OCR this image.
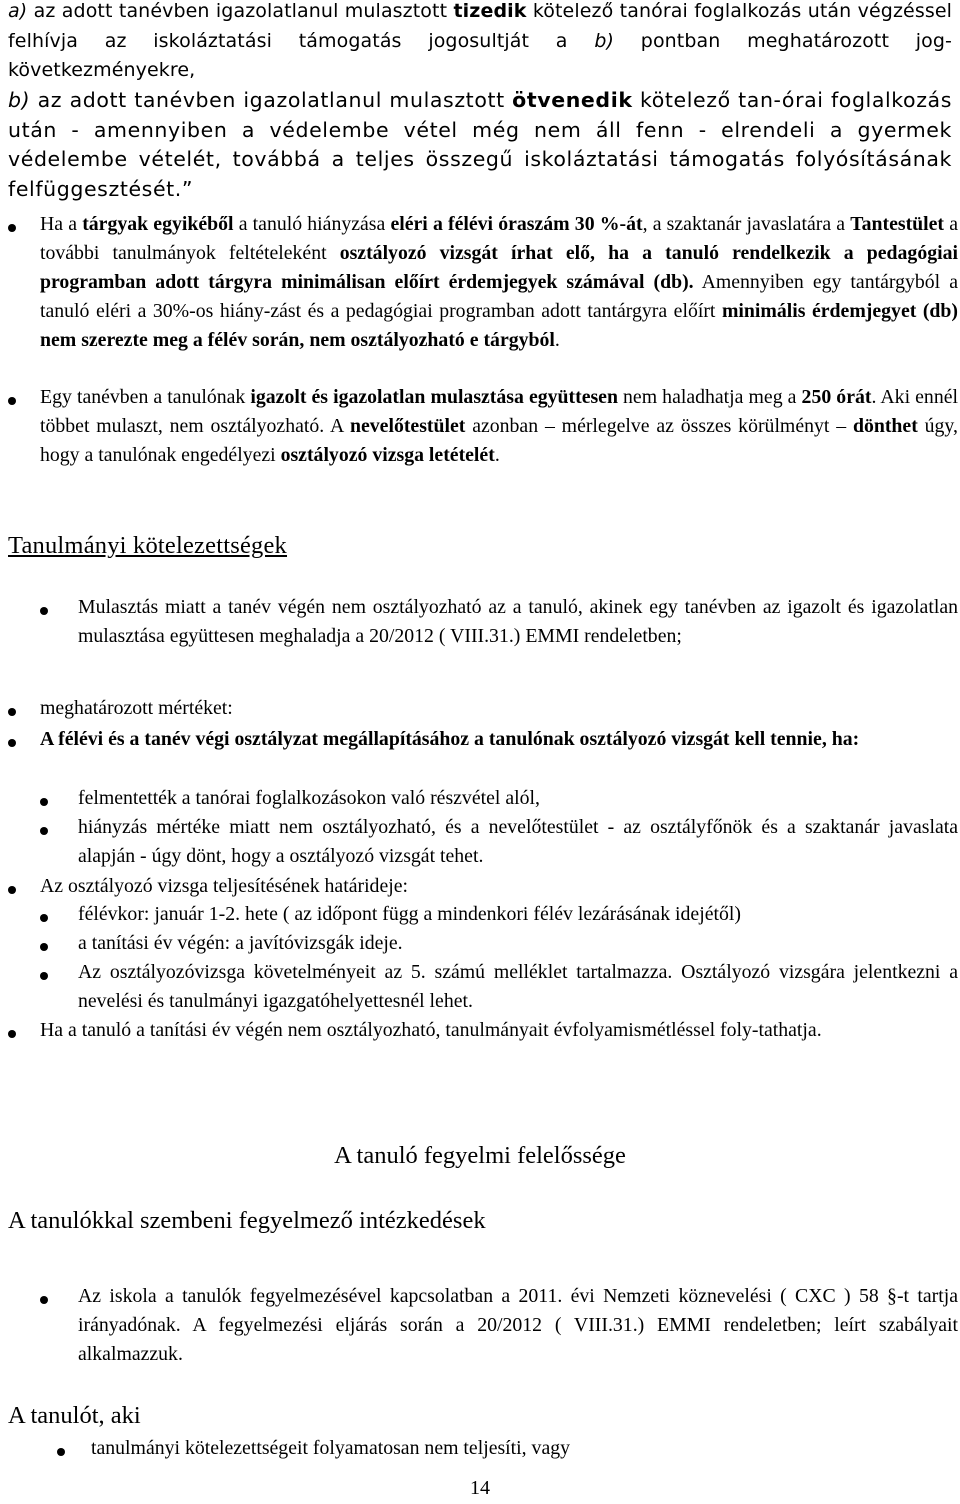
a) az adott tanévben igazolatlanul mulasztott tizedik kötelező tanórai foglalkozás után végzéssel felhívja az iskoláztatási támogatás jogosultját a b) pontban meghatározott jog-következményekre,

b) az adott tanévben igazolatlanul mulasztott ötvenedik kötelező tan-órai foglalkozás után - amennyiben a védelembe vétel még nem áll fenn - elrendeli a gyermek védelembe vételét, továbbá a teljes összegű iskoláztatási támogatás folyósításának felfüggesztését.”

Ha a tárgyak egyikéből a tanuló hiányzása eléri a félévi óraszám 30 %-át, a szaktanár javaslatára a Tantestület a további tanulmányok feltételeként osztályozó vizsgát írhat elő, ha a tanuló rendelkezik a pedagógiai programban adott tárgyra minimálisan előírt érdemjegyek számával (db). Amennyiben egy tantárgyból a tanuló eléri a 30%-os hiány-zást és a pedagógiai programban adott tantárgyra előírt minimális érdemjegyet (db) nem szerezte meg a félév során, nem osztályozható e tárgyból.

Egy tanévben a tanulónak igazolt és igazolatlan mulasztása együttesen nem haladhatja meg a 250 órát. Aki ennél többet mulaszt, nem osztályozható. A nevelőtestület azonban – mérlegelve az összes körülményt – dönthet úgy, hogy a tanulónak engedélyezi osztályozó vizsga letételét.

Tanulmányi kötelezettségek

Mulasztás miatt a tanév végén nem osztályozható az a tanuló, akinek egy tanévben az igazolt és igazolatlan mulasztása együttesen meghaladja a 20/2012 ( VIII.31.) EMMI rendeletben;

meghatározott mértéket:

A félévi és a tanév végi osztályzat megállapításához a tanulónak osztályozó vizsgát kell tennie, ha:

felmentették a tanórai foglalkozásokon való részvétel alól,

hiányzás mértéke miatt nem osztályozható, és a nevelőtestület - az osztályfőnök és a szaktanár javaslata alapján - úgy dönt, hogy a osztályozó vizsgát tehet.

Az osztályozó vizsga teljesítésének határideje:

félévkor: január 1-2. hete ( az időpont függ a mindenkori félév lezárásának idejétől)

a tanítási év végén: a javítóvizsgák ideje.

Az osztályozóvizsga követelményeit az 5. számú melléklet tartalmazza. Osztályozó vizsgára jelentkezni a nevelési és tanulmányi igazgatóhelyettesnél lehet.

Ha a tanuló a tanítási év végén nem osztályozható, tanulmányait évfolyamismétléssel foly-tathatja.

A tanuló fegyelmi felelőssége
A tanulókkal szembeni fegyelmező intézkedések

Az iskola a tanulók fegyelmezésével kapcsolatban a 2011. évi Nemzeti köznevelési ( CXC ) 58 §-t tartja irányadónak. A fegyelmezési eljárás során a 20/2012 ( VIII.31.) EMMI rendeletben; leírt szabályait alkalmazzuk.

A tanulót, aki

tanulmányi kötelezettségeit folyamatosan nem teljesíti, vagy

14
